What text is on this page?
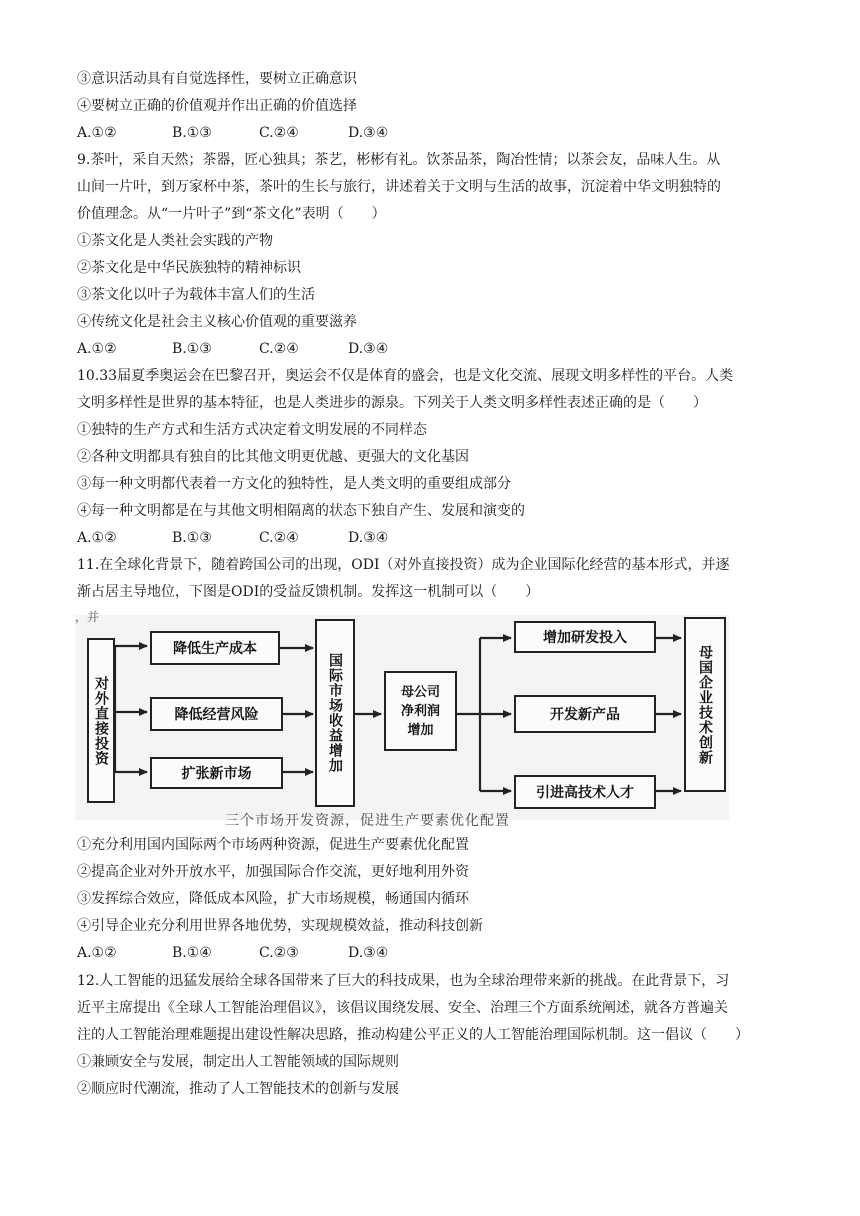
③意识活动具有自觉选择性，要树立正确意识
④要树立正确的价值观并作出正确的价值选择
A.①②	B.①③	C.②④	D.③④
9.茶叶，采自天然；茶器，匠心独具；茶艺，彬彬有礼。饮茶品茶，陶冶性情；以茶会友，品味人生。从
山间一片叶，到万家杯中茶，茶叶的生长与旅行，讲述着关于文明与生活的故事，沉淀着中华文明独特的
价值理念。从“一片叶子”到“茶文化”表明（　　）
①茶文化是人类社会实践的产物
②茶文化是中华民族独特的精神标识
③茶文化以叶子为载体丰富人们的生活
④传统文化是社会主义核心价值观的重要滋养
A.①②	B.①③	C.②④	D.③④
10.33届夏季奥运会在巴黎召开，奥运会不仅是体育的盛会，也是文化交流、展现文明多样性的平台。人类
文明多样性是世界的基本特征，也是人类进步的源泉。下列关于人类文明多样性表述正确的是（　　）
①独特的生产方式和生活方式决定着文明发展的不同样态
②各种文明都具有独自的比其他文明更优越、更强大的文化基因
③每一种文明都代表着一方文化的独特性，是人类文明的重要组成部分
④每一种文明都是在与其他文明相隔离的状态下独自产生、发展和演变的
A.①②	B.①③	C.②④	D.③④
11.在全球化背景下，随着跨国公司的出现，ODI（对外直接投资）成为企业国际化经营的基本形式，并逐
渐占居主导地位，下图是ODI的受益反馈机制。发挥这一机制可以（　　）
，并
对外直接投资
降低生产成本
降低经营风险
扩张新市场
国际市场收益增加	母公司
净利润
增加
增加研发投入
开发新产品
引进高技术人才
母国企业技术创新
三个市场开发资源，促进生产要素优化配置
①充分利用国内国际两个市场两种资源，促进生产要素优化配置
②提高企业对外开放水平，加强国际合作交流，更好地利用外资
③发挥综合效应，降低成本风险，扩大市场规模，畅通国内循环
④引导企业充分利用世界各地优势，实现规模效益，推动科技创新
A.①②	B.①④	C.②③	D.③④
12.人工智能的迅猛发展给全球各国带来了巨大的科技成果，也为全球治理带来新的挑战。在此背景下，习
近平主席提出《全球人工智能治理倡议》，该倡议围绕发展、安全、治理三个方面系统阐述，就各方普遍关
注的人工智能治理难题提出建设性解决思路，推动构建公平正义的人工智能治理国际机制。这一倡议（　　）
①兼顾安全与发展，制定出人工智能领域的国际规则
②顺应时代潮流，推动了人工智能技术的创新与发展
